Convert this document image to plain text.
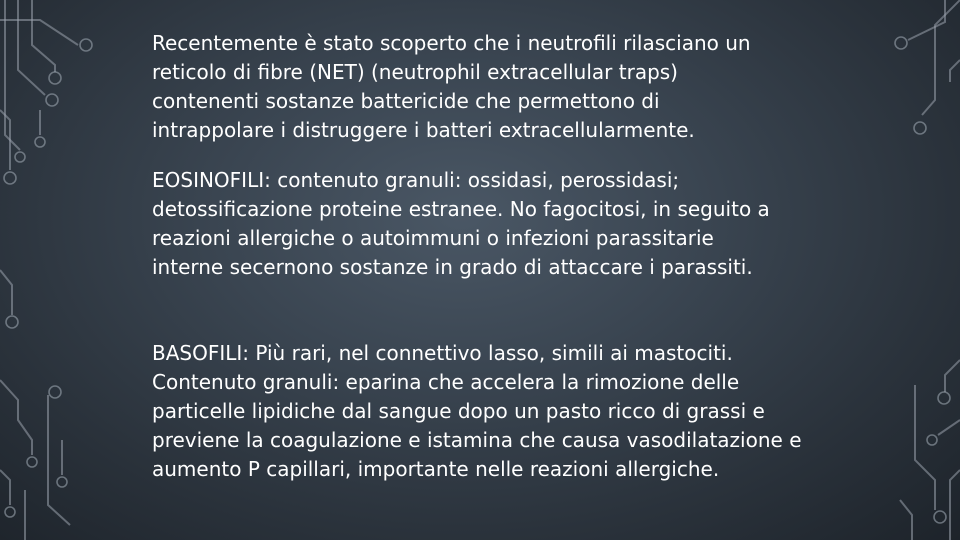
Recentemente è stato scoperto che i neutrofili rilasciano un
reticolo di fibre (NET) (neutrophil extracellular traps)
contenenti sostanze battericide che permettono di
intrappolare i distruggere i batteri extracellularmente.

EOSINOFILI: contenuto granuli: ossidasi, perossidasi;
detossificazione proteine estranee. No fagocitosi, in seguito a
reazioni allergiche o autoimmuni o infezioni parassitarie
interne secernono sostanze in grado di attaccare i parassiti.

BASOFILI: Più rari, nel connettivo lasso, simili ai mastociti.
Contenuto granuli: eparina che accelera la rimozione delle
particelle lipidiche dal sangue dopo un pasto ricco di grassi e
previene la coagulazione e istamina che causa vasodilatazione e
aumento P capillari, importante nelle reazioni allergiche.
